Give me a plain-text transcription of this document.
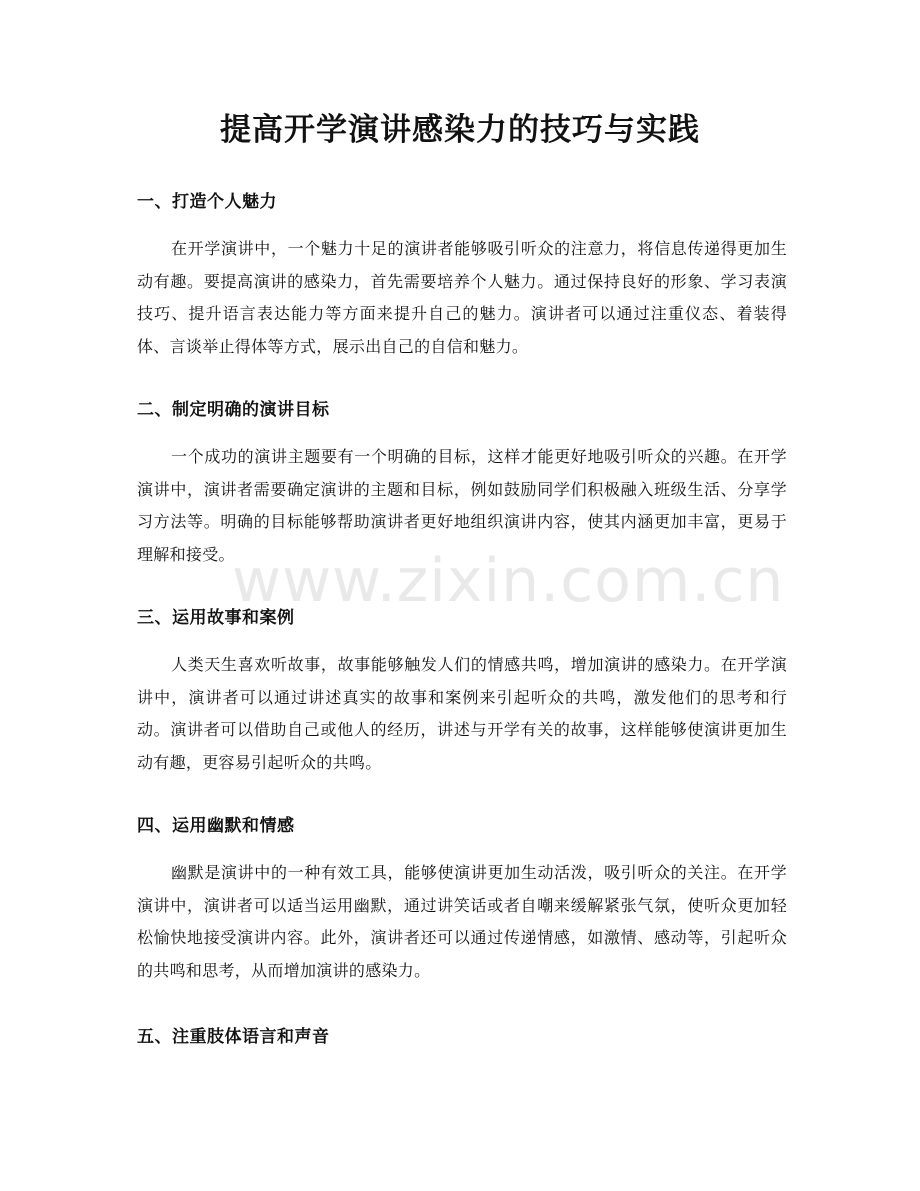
提高开学演讲感染力的技巧与实践
一、打造个人魅力

在开学演讲中，一个魅力十足的演讲者能够吸引听众的注意力，将信息传递得更加生动有趣。要提高演讲的感染力，首先需要培养个人魅力。通过保持良好的形象、学习表演技巧、提升语言表达能力等方面来提升自己的魅力。演讲者可以通过注重仪态、着装得体、言谈举止得体等方式，展示出自己的自信和魅力。

二、制定明确的演讲目标

一个成功的演讲主题要有一个明确的目标，这样才能更好地吸引听众的兴趣。在开学演讲中，演讲者需要确定演讲的主题和目标，例如鼓励同学们积极融入班级生活、分享学习方法等。明确的目标能够帮助演讲者更好地组织演讲内容，使其内涵更加丰富，更易于理解和接受。

三、运用故事和案例

人类天生喜欢听故事，故事能够触发人们的情感共鸣，增加演讲的感染力。在开学演讲中，演讲者可以通过讲述真实的故事和案例来引起听众的共鸣，激发他们的思考和行动。演讲者可以借助自己或他人的经历，讲述与开学有关的故事，这样能够使演讲更加生动有趣，更容易引起听众的共鸣。

四、运用幽默和情感

幽默是演讲中的一种有效工具，能够使演讲更加生动活泼，吸引听众的关注。在开学演讲中，演讲者可以适当运用幽默，通过讲笑话或者自嘲来缓解紧张气氛，使听众更加轻松愉快地接受演讲内容。此外，演讲者还可以通过传递情感，如激情、感动等，引起听众的共鸣和思考，从而增加演讲的感染力。

五、注重肢体语言和声音
www.zixin.com.cn
